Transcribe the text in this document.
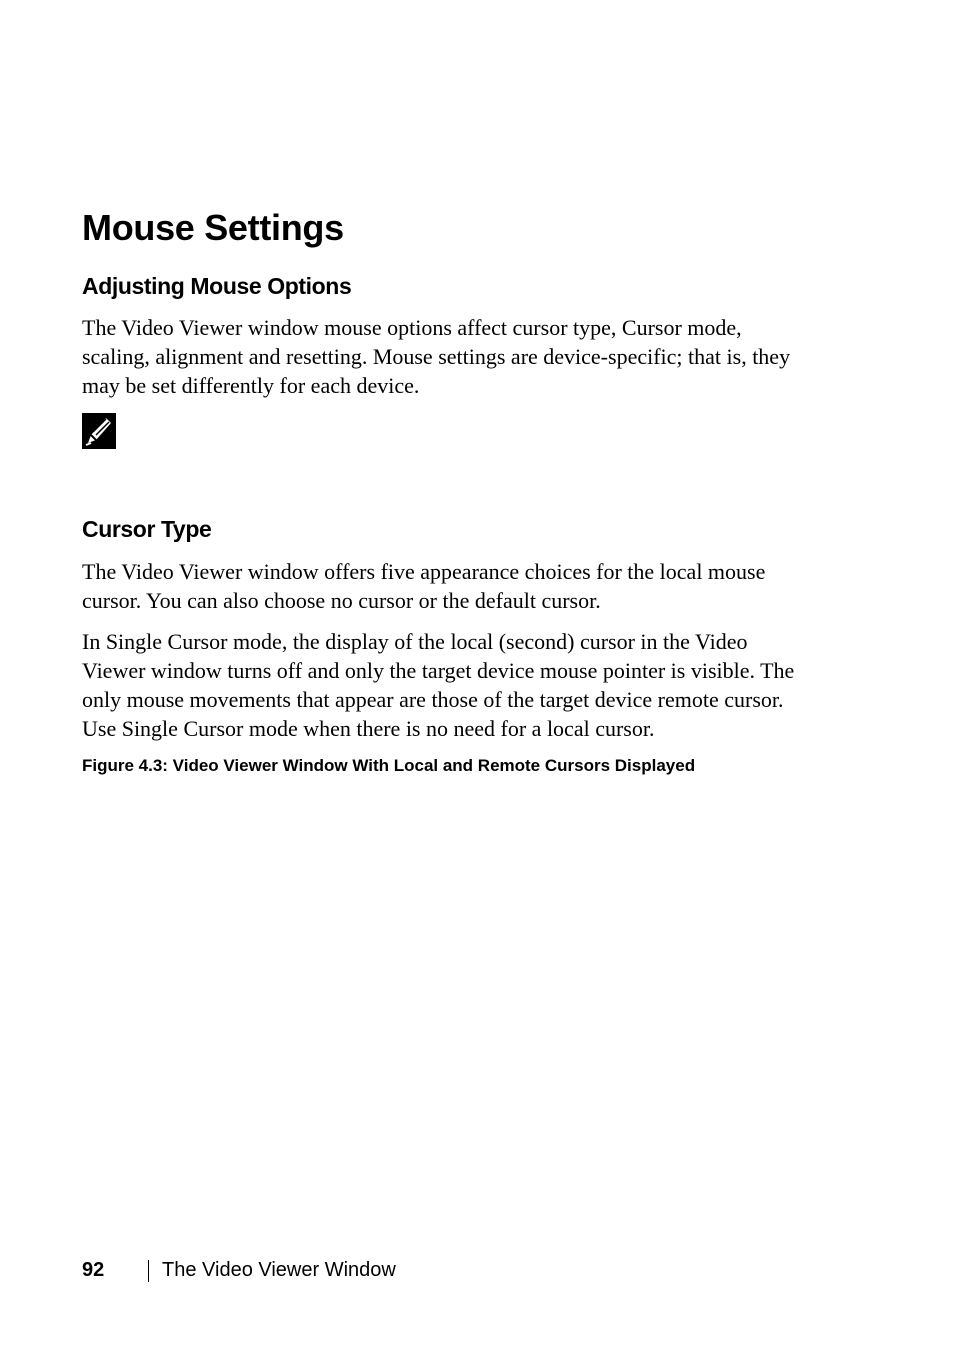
Mouse Settings
Adjusting Mouse Options

The Video Viewer window mouse options affect cursor type, Cursor mode,
scaling, alignment and resetting. Mouse settings are device-specific; that is, they
may be set differently for each device.

Cursor Type

The Video Viewer window offers five appearance choices for the local mouse
cursor. You can also choose no cursor or the default cursor.

In Single Cursor mode, the display of the local (second) cursor in the Video
Viewer window turns off and only the target device mouse pointer is visible. The
only mouse movements that appear are those of the target device remote cursor.
Use Single Cursor mode when there is no need for a local cursor.

Figure 4.3: Video Viewer Window With Local and Remote Cursors Displayed

92	The Video Viewer Window
